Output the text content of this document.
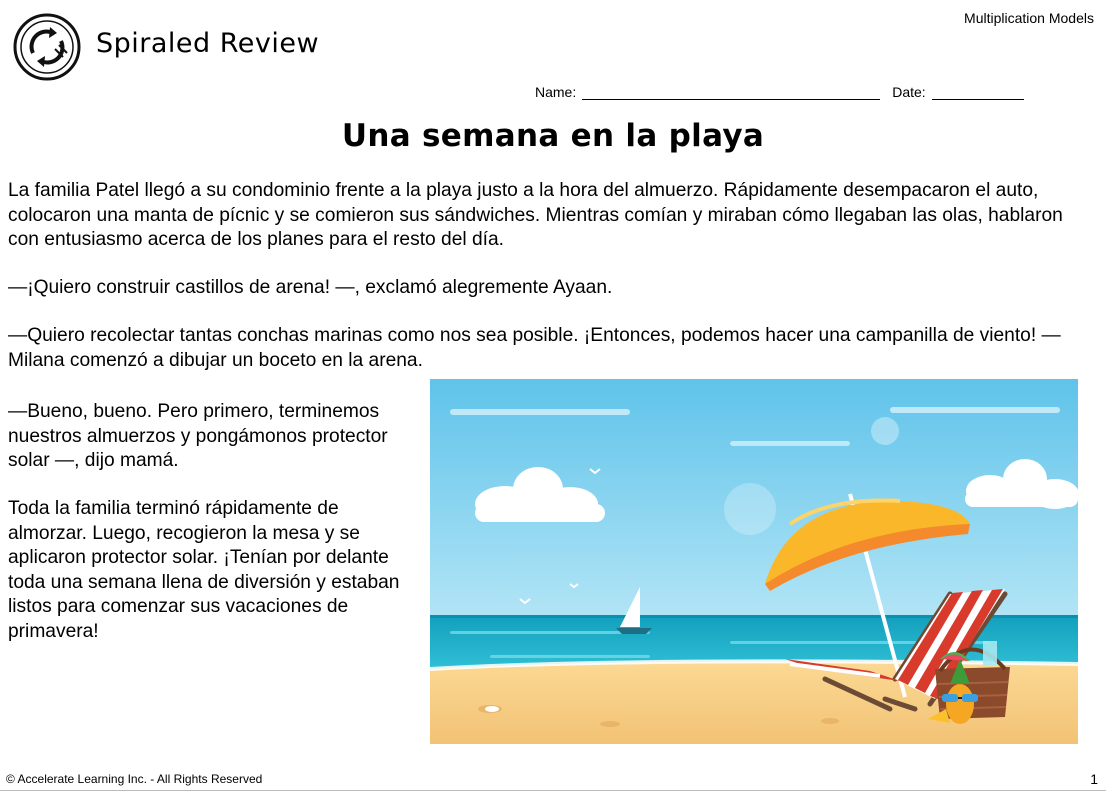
Spiraled Review
Multiplication Models
Name:	Date:
Una semana en la playa

La familia Patel llegó a su condominio frente a la playa justo a la hora del almuerzo. Rápidamente desempacaron el auto, colocaron una manta de pícnic y se comieron sus sándwiches. Mientras comían y miraban cómo llegaban las olas, hablaron con entusiasmo acerca de los planes para el resto del día.

—¡Quiero construir castillos de arena! —, exclamó alegremente Ayaan.

—Quiero recolectar tantas conchas marinas como nos sea posible. ¡Entonces, podemos hacer una campanilla de viento! — Milana comenzó a dibujar un boceto en la arena.

—Bueno, bueno. Pero primero, terminemos nuestros almuerzos y pongámonos protector solar —, dijo mamá.

Toda la familia terminó rápidamente de almorzar. Luego, recogieron la mesa y se aplicaron protector solar. ¡Tenían por delante toda una semana llena de diversión y estaban listos para comenzar sus vacaciones de primavera!

© Accelerate Learning Inc. - All Rights Reserved	1
